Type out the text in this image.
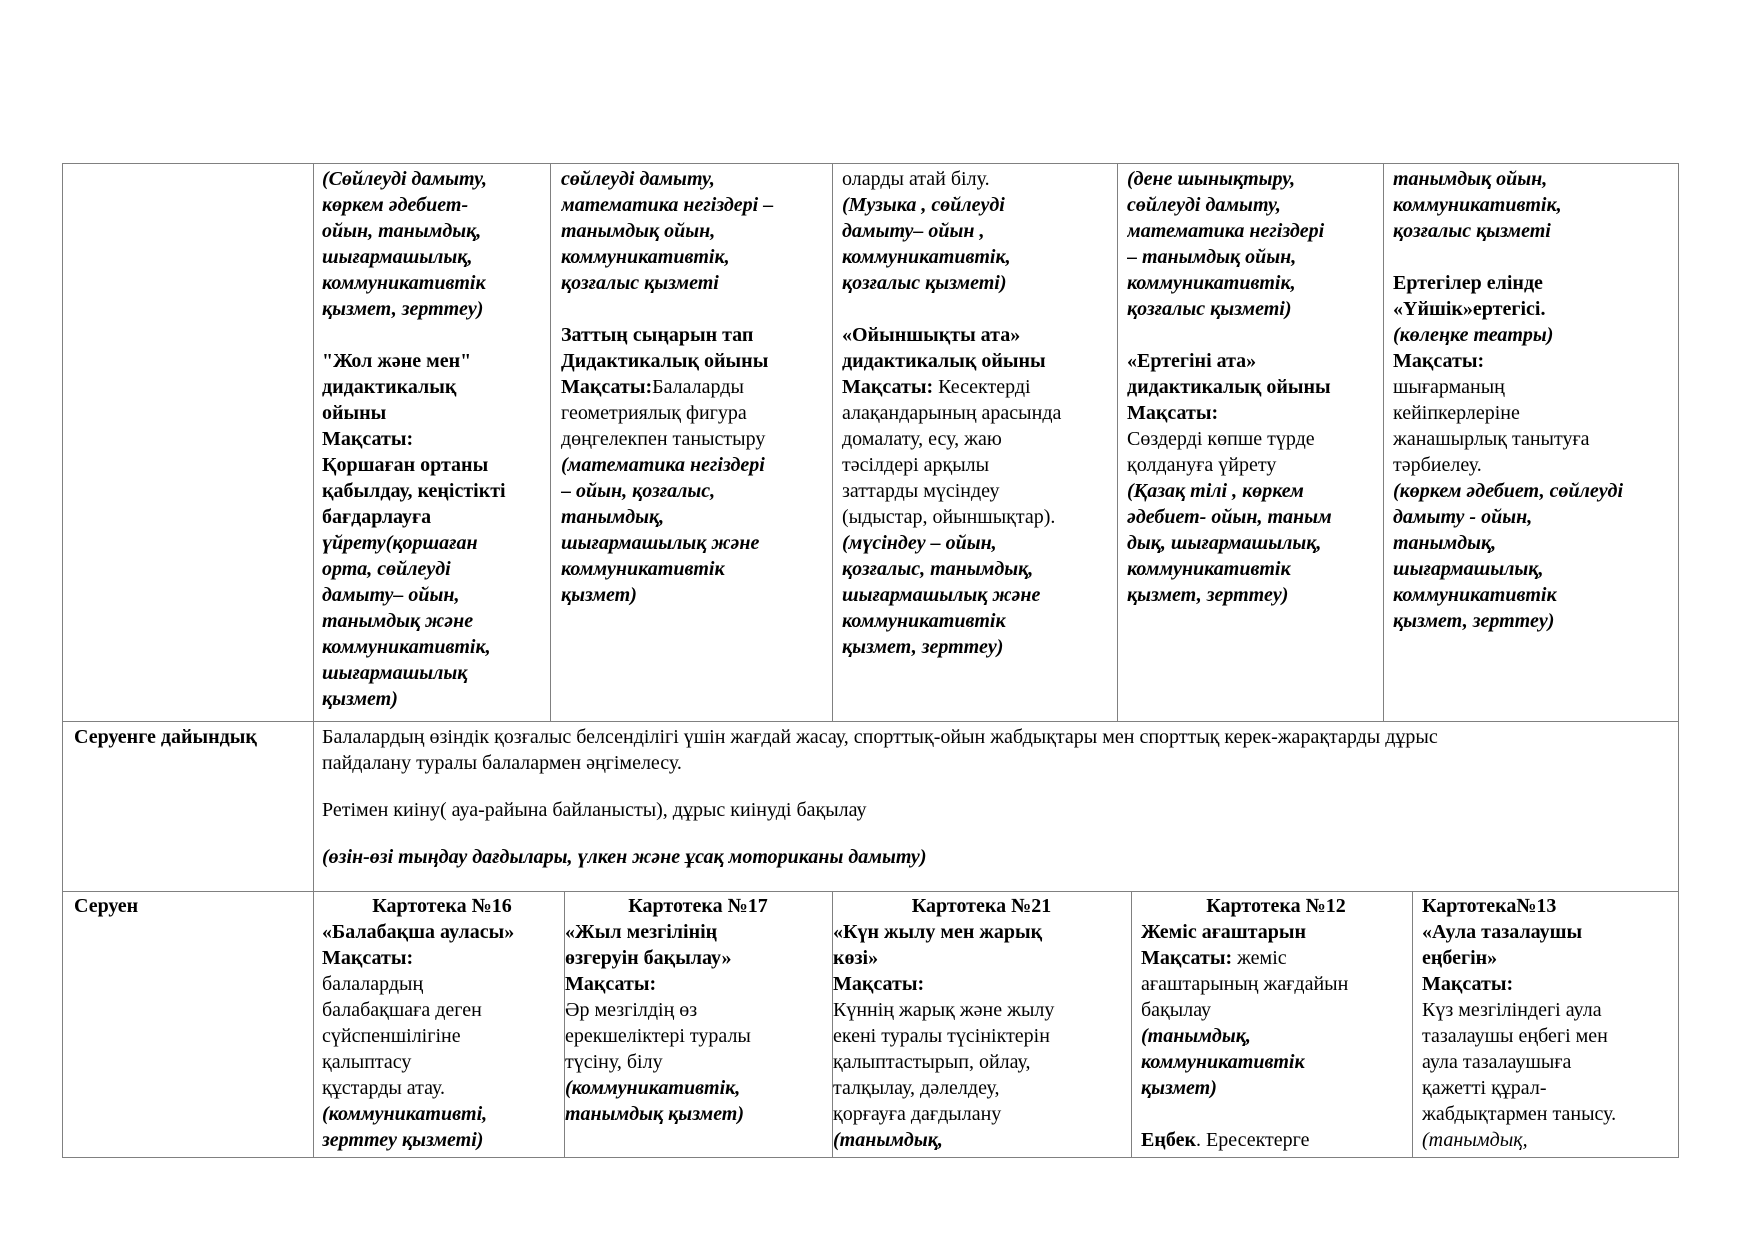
(Сөйлеуді дамыту,
көркем әдебиет-
ойын, танымдық,
шығармашылық,
коммуникативтік
қызмет, зерттеу)
"Жол және мен"
дидактикалық
ойыны
Мақсаты:
Қоршаған ортаны
қабылдау, кеңістікті
бағдарлауға
үйрету(қоршаған
орта, сөйлеуді
дамыту– ойын,
танымдық және
коммуникативтік,
шығармашылық
қызмет)
сөйлеуді дамыту,
математика негіздері –
танымдық ойын,
коммуникативтік,
қозғалыс қызметі
Заттың сыңарын тап
Дидактикалық ойыны
Мақсаты:Балаларды
геометриялық фигура
дөңгелекпен таныстыру
(математика негіздері
– ойын, қозғалыс,
танымдық,
шығармашылық және
коммуникативтік
қызмет)
оларды атай білу.
(Музыка , сөйлеуді
дамыту– ойын ,
коммуникативтік,
қозғалыс қызметі)
«Ойыншықты ата»
дидактикалық ойыны
Мақсаты: Кесектерді
алақандарының арасында
домалату, есу, жаю
тәсілдері арқылы
заттарды мүсіндеу
(ыдыстар, ойыншықтар).
(мүсіндеу – ойын,
қозғалыс, танымдық,
шығармашылық және
коммуникативтік
қызмет, зерттеу)
(дене шынықтыру,
сөйлеуді дамыту,
математика негіздері
– танымдық ойын,
коммуникативтік,
қозғалыс қызметі)
«Ертегіні ата»
дидактикалық ойыны
Мақсаты:
Сөздерді көпше түрде
қолдануға үйрету
(Қазақ тілі , көркем
әдебиет- ойын, таным
дық, шығармашылық,
коммуникативтік
қызмет, зерттеу)
танымдық ойын,
коммуникативтік,
қозғалыс қызметі
Ертегілер елінде
«Үйшік»ертегісі.
(көлеңке театры)
Мақсаты:
шығарманың
кейіпкерлеріне
жанашырлық танытуға
тәрбиелеу.
(көркем әдебиет, сөйлеуді
дамыту - ойын,
танымдық,
шығармашылық,
коммуникативтік
қызмет, зерттеу)
Серуенге дайындық	Балалардың өзіндік қозғалыс белсенділігі үшін жағдай жасау, спорттық-ойын жабдықтары мен спорттық керек-жарақтарды дұрыс
пайдалану туралы балалармен әңгімелесу.
Ретімен киіну( ауа-райына байланысты), дұрыс киінуді бақылау
(өзін-өзі тыңдау дағдылары, үлкен және ұсақ моториканы дамыту)
Серуен	Картотека №16
«Балабақша ауласы»
Мақсаты:
балалардың
балабақшаға деген
сүйспеншілігіне
қалыптасу
құстарды атау.
(коммуникативті,
зерттеу қызметі)
Картотека №17
«Жыл мезгілінің
өзгеруін бақылау»
Мақсаты:
Әр мезгілдің өз
ерекшеліктері туралы
түсіну, білу
(коммуникативтік,
танымдық қызмет)
Картотека №21
«Күн жылу мен жарық
көзі»
Мақсаты:
Күннің жарық және жылу
екені туралы түсініктерін
қалыптастырып, ойлау,
талқылау, дәлелдеу,
қорғауға дағдылану
(танымдық,
Картотека №12
Жеміс ағаштарын
Мақсаты: жеміс
ағаштарының жағдайын
бақылау
(танымдық,
коммуникативтік
қызмет)
Еңбек. Ересектерге
Картотека№13
«Аула тазалаушы
еңбегін»
Мақсаты:
Күз мезгіліндегі аула
тазалаушы еңбегі мен
аула тазалаушыға
қажетті құрал-
жабдықтармен танысу.
(танымдық,
